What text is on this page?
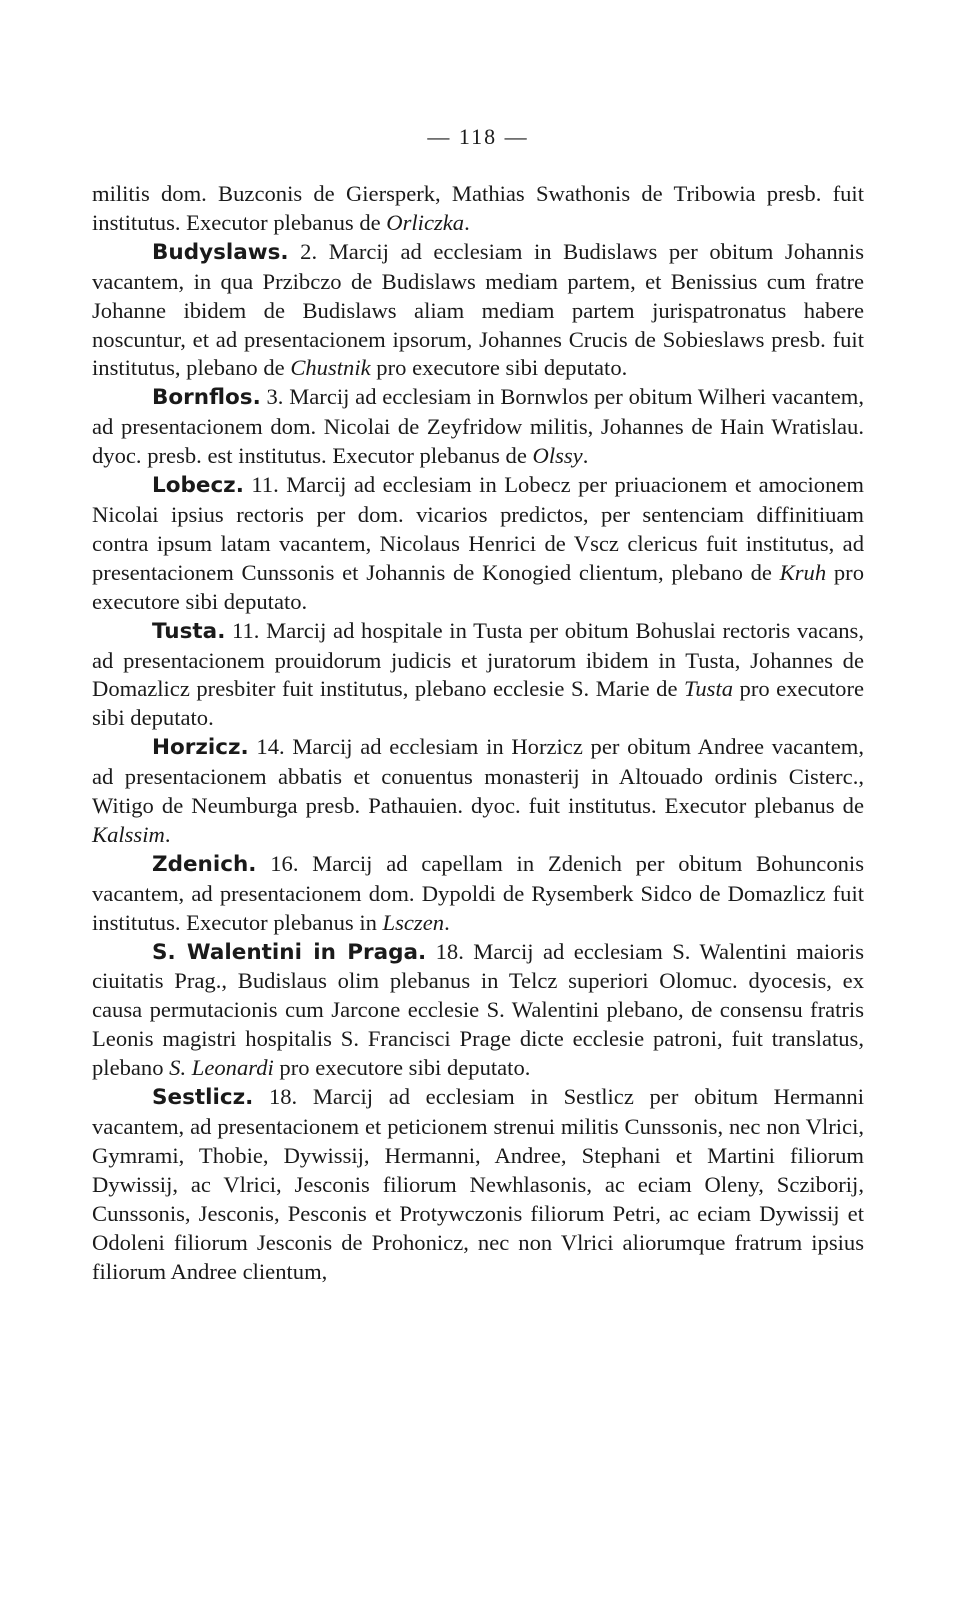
— 118 —

militis dom. Buzconis de Giersperk, Mathias Swathonis de Tribowia presb. fuit institutus. Executor plebanus de Orliczka.

Budyslaws. 2. Marcij ad ecclesiam in Budislaws per obitum Johannis vacantem, in qua Przibczo de Budislaws mediam partem, et Benissius cum fratre Johanne ibidem de Budislaws aliam mediam partem jurispatronatus habere noscuntur, et ad presentacionem ipsorum, Johannes Crucis de Sobieslaws presb. fuit institutus, plebano de Chustnik pro executore sibi deputato.

Bornflos. 3. Marcij ad ecclesiam in Bornwlos per obitum Wilheri vacantem, ad presentacionem dom. Nicolai de Zeyfridow militis, Johannes de Hain Wratislau. dyoc. presb. est institutus. Executor plebanus de Olssy.

Lobecz. 11. Marcij ad ecclesiam in Lobecz per priuacionem et amocionem Nicolai ipsius rectoris per dom. vicarios predictos, per sentenciam diffinitiuam contra ipsum latam vacantem, Nicolaus Henrici de Vscz clericus fuit institutus, ad presentacionem Cunssonis et Johannis de Konogied clientum, plebano de Kruh pro executore sibi deputato.

Tusta. 11. Marcij ad hospitale in Tusta per obitum Bohuslai rectoris vacans, ad presentacionem prouidorum judicis et juratorum ibidem in Tusta, Johannes de Domazlicz presbiter fuit institutus, plebano ecclesie S. Marie de Tusta pro executore sibi deputato.

Horzicz. 14. Marcij ad ecclesiam in Horzicz per obitum Andree vacantem, ad presentacionem abbatis et conuentus monasterij in Altouado ordinis Cisterc., Witigo de Neumburga presb. Pathauien. dyoc. fuit institutus. Executor plebanus de Kalssim.

Zdenich. 16. Marcij ad capellam in Zdenich per obitum Bohunconis vacantem, ad presentacionem dom. Dypoldi de Rysemberk Sidco de Domazlicz fuit institutus. Executor plebanus in Lsczen.

S. Walentini in Praga. 18. Marcij ad ecclesiam S. Walentini maioris ciuitatis Prag., Budislaus olim plebanus in Telcz superiori Olomuc. dyocesis, ex causa permutacionis cum Jarcone ecclesie S. Walentini plebano, de consensu fratris Leonis magistri hospitalis S. Francisci Prage dicte ecclesie patroni, fuit translatus, plebano S. Leonardi pro executore sibi deputato.

Sestlicz. 18. Marcij ad ecclesiam in Sestlicz per obitum Hermanni vacantem, ad presentacionem et peticionem strenui militis Cunssonis, nec non Vlrici, Gymrami, Thobie, Dywissij, Hermanni, Andree, Stephani et Martini filiorum Dywissij, ac Vlrici, Jesconis filiorum Newhlasonis, ac eciam Oleny, Scziborij, Cunssonis, Jesconis, Pesconis et Protywczonis filiorum Petri, ac eciam Dywissij et Odoleni filiorum Jesconis de Prohonicz, nec non Vlrici aliorumque fratrum ipsius filiorum Andree clientum,
